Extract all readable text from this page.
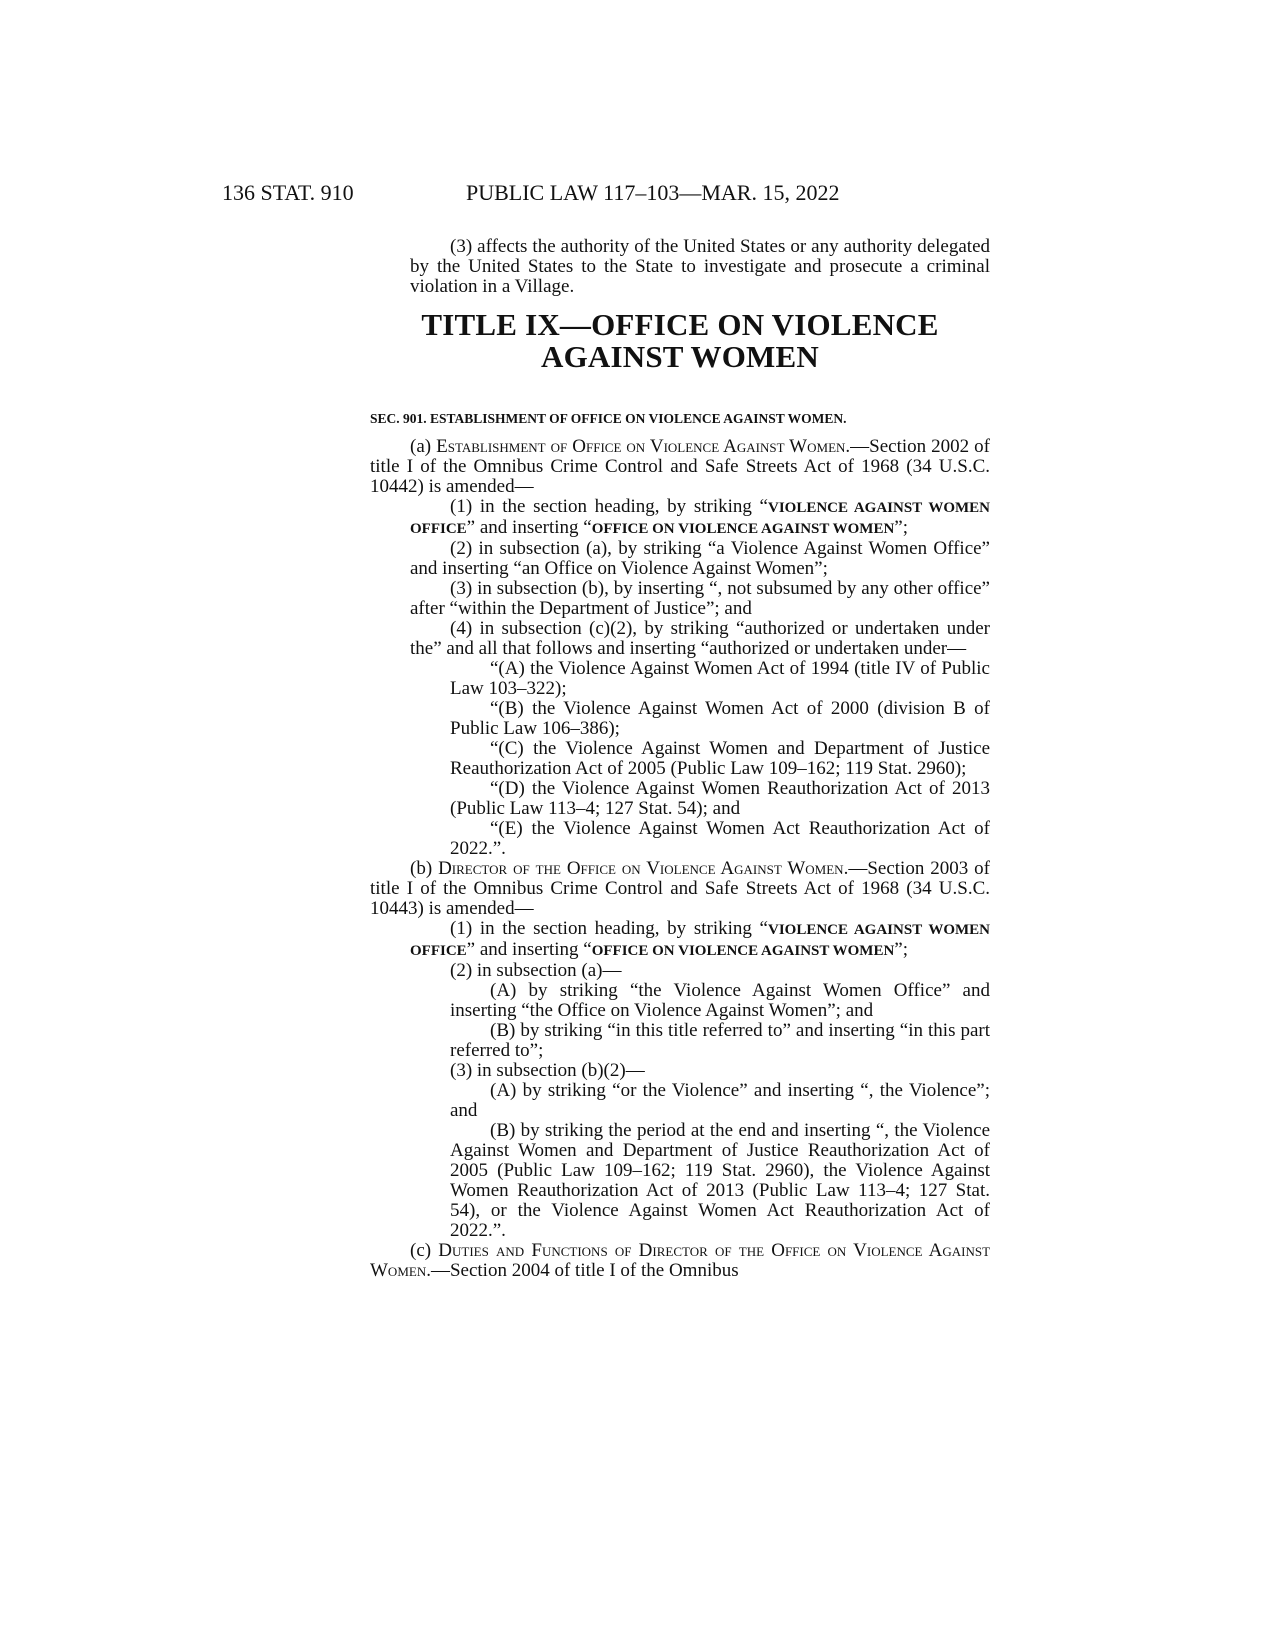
136 STAT. 910	PUBLIC LAW 117–103—MAR. 15, 2022

(3) affects the authority of the United States or any authority delegated by the United States to the State to investigate and prosecute a criminal violation in a Village.

TITLE IX—OFFICE ON VIOLENCE
AGAINST WOMEN

SEC. 901. ESTABLISHMENT OF OFFICE ON VIOLENCE AGAINST WOMEN.

(a) Establishment of Office on Violence Against Women.—Section 2002 of title I of the Omnibus Crime Control and Safe Streets Act of 1968 (34 U.S.C. 10442) is amended—

(1) in the section heading, by striking “VIOLENCE AGAINST WOMEN OFFICE” and inserting “OFFICE ON VIOLENCE AGAINST WOMEN”;

(2) in subsection (a), by striking “a Violence Against Women Office” and inserting “an Office on Violence Against Women”;

(3) in subsection (b), by inserting “, not subsumed by any other office” after “within the Department of Justice”; and

(4) in subsection (c)(2), by striking “authorized or undertaken under the” and all that follows and inserting “authorized or undertaken under—

“(A) the Violence Against Women Act of 1994 (title IV of Public Law 103–322);

“(B) the Violence Against Women Act of 2000 (division B of Public Law 106–386);

“(C) the Violence Against Women and Department of Justice Reauthorization Act of 2005 (Public Law 109–162; 119 Stat. 2960);

“(D) the Violence Against Women Reauthorization Act of 2013 (Public Law 113–4; 127 Stat. 54); and

“(E) the Violence Against Women Act Reauthorization Act of 2022.”.

(b) Director of the Office on Violence Against Women.—Section 2003 of title I of the Omnibus Crime Control and Safe Streets Act of 1968 (34 U.S.C. 10443) is amended—

(1) in the section heading, by striking “VIOLENCE AGAINST WOMEN OFFICE” and inserting “OFFICE ON VIOLENCE AGAINST WOMEN”;

(2) in subsection (a)—

(A) by striking “the Violence Against Women Office” and inserting “the Office on Violence Against Women”; and

(B) by striking “in this title referred to” and inserting “in this part referred to”;

(3) in subsection (b)(2)—

(A) by striking “or the Violence” and inserting “, the Violence”; and

(B) by striking the period at the end and inserting “, the Violence Against Women and Department of Justice Reauthorization Act of 2005 (Public Law 109–162; 119 Stat. 2960), the Violence Against Women Reauthorization Act of 2013 (Public Law 113–4; 127 Stat. 54), or the Violence Against Women Act Reauthorization Act of 2022.”.

(c) Duties and Functions of Director of the Office on Violence Against Women.—Section 2004 of title I of the Omnibus
